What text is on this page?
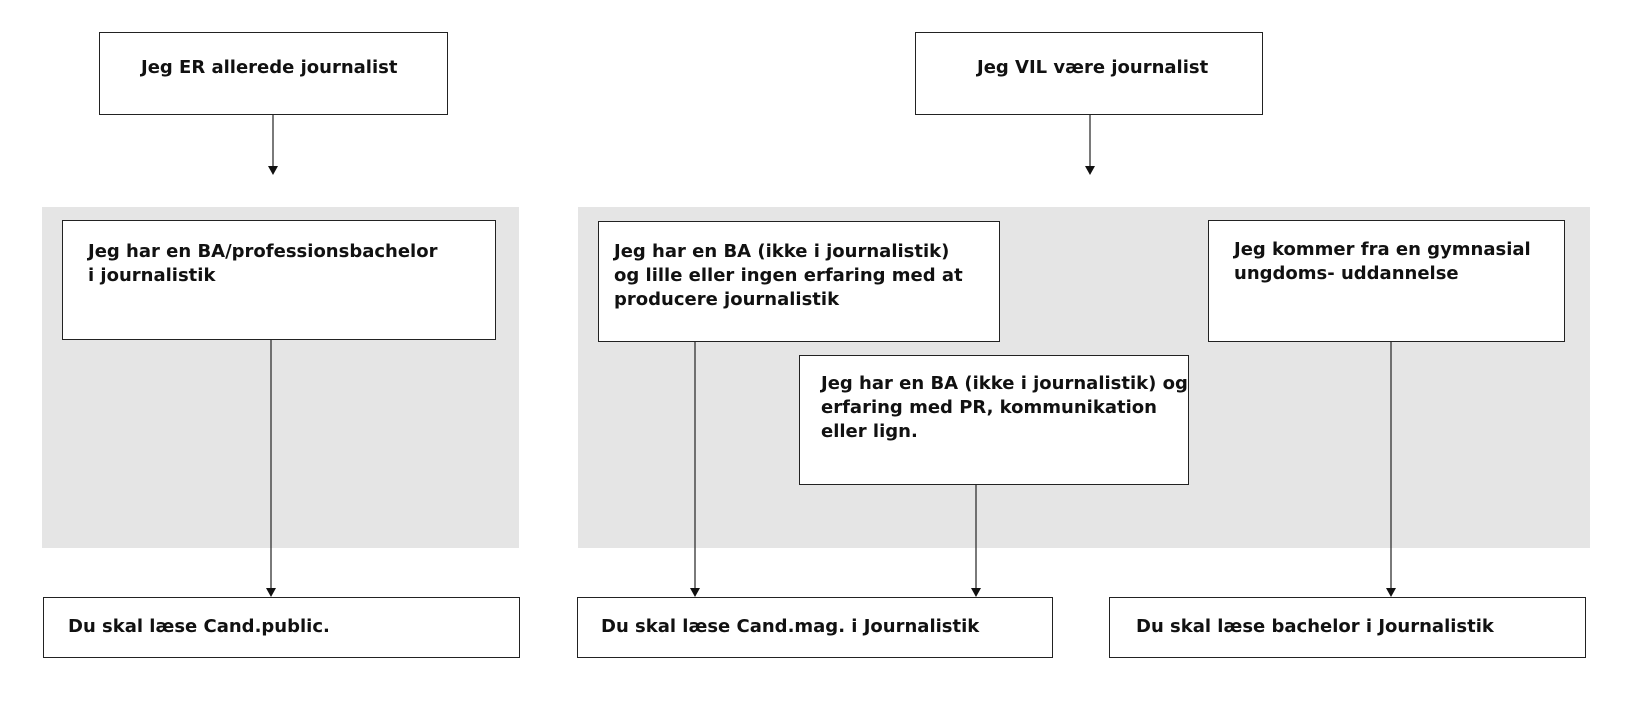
Jeg ER allerede journalist	Jeg VIL være journalist
Jeg har en BA/professionsbachelor
i journalistik
Jeg har en BA (ikke i journalistik)
og lille eller ingen erfaring med at
producere journalistik
Jeg har en BA (ikke i journalistik) og
erfaring med PR, kommunikation
eller lign.
Jeg kommer fra en gymnasial
ungdoms- uddannelse
Du skal læse Cand.public.	Du skal læse Cand.mag. i Journalistik	Du skal læse bachelor i Journalistik
